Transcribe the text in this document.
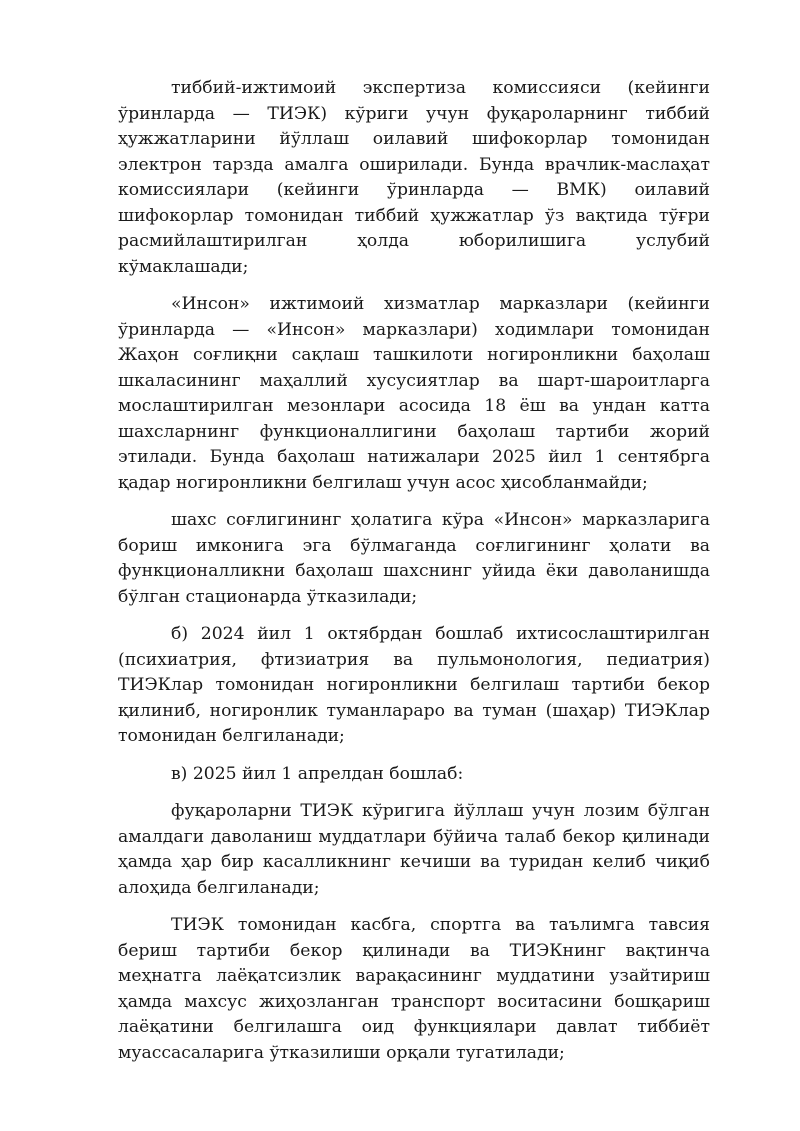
тиббий-ижтимоий экспертиза комиссияси (кейинги ўринларда — ТИЭК) кўриги учун фуқароларнинг тиббий ҳужжатларини йўллаш оилавий шифокорлар томонидан электрон тарзда амалга оширилади. Бунда врачлик-маслаҳат комиссиялари (кейинги ўринларда — ВМК) оилавий шифокорлар томонидан тиббий ҳужжатлар ўз вақтида тўғри расмийлаштирилган ҳолда юборилишига услубий кўмаклашади;

«Инсон» ижтимоий хизматлар марказлари (кейинги ўринларда — «Инсон» марказлари) ходимлари томонидан Жаҳон соғлиқни сақлаш ташкилоти ногиронликни баҳолаш шкаласининг маҳаллий хусусиятлар ва шарт-шароитларга мослаштирилган мезонлари асосида 18 ёш ва ундан катта шахсларнинг функционаллигини баҳолаш тартиби жорий этилади. Бунда баҳолаш натижалари 2025 йил 1 сентябрга қадар ногиронликни белгилаш учун асос ҳисобланмайди;

шахс соғлигининг ҳолатига кўра «Инсон» марказларига бориш имконига эга бўлмаганда соғлигининг ҳолати ва функционалликни баҳолаш шахснинг уйида ёки даволанишда бўлган стационарда ўтказилади;

б) 2024 йил 1 октябрдан бошлаб ихтисослаштирилган (психиатрия, фтизиатрия ва пульмонология, педиатрия) ТИЭКлар томонидан ногиронликни белгилаш тартиби бекор қилиниб, ногиронлик туманлараро ва туман (шаҳар) ТИЭКлар томонидан белгиланади;

в) 2025 йил 1 апрелдан бошлаб:

фуқароларни ТИЭК кўригига йўллаш учун лозим бўлган амалдаги даволаниш муддатлари бўйича талаб бекор қилинади ҳамда ҳар бир касалликнинг кечиши ва туридан келиб чиқиб алоҳида белгиланади;

ТИЭК томонидан касбга, спортга ва таълимга тавсия бериш тартиби бекор қилинади ва ТИЭКнинг вақтинча меҳнатга лаёқатсизлик варақасининг муддатини узайтириш ҳамда махсус жиҳозланган транспорт воситасини бошқариш лаёқатини белгилашга оид функциялари давлат тиббиёт муассасаларига ўтказилиши орқали тугатилади;
